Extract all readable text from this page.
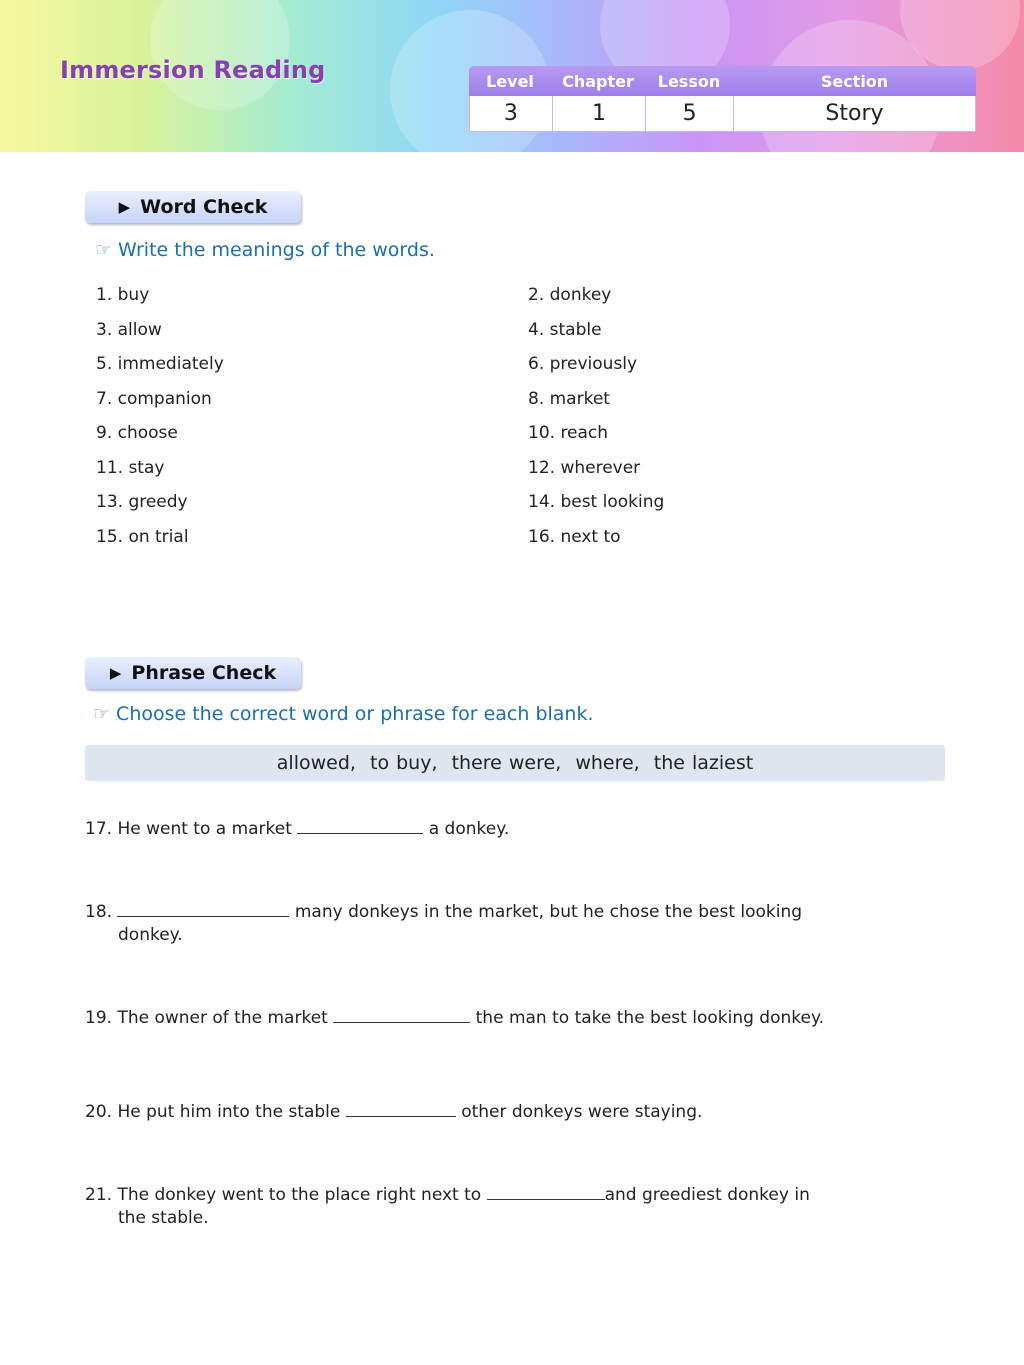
Immersion Reading	Level	Chapter	Lesson	Section
3	1	5	Story
▶ Word Check
☞ Write the meanings of the words.
1. buy	2. donkey
3. allow	4. stable
5. immediately	6. previously
7. companion	8. market
9. choose	10. reach
11. stay	12. wherever
13. greedy	14. best looking
15. on trial	16. next to
▶ Phrase Check
☞ Choose the correct word or phrase for each blank.
allowed,  to buy,  there were,  where,  the laziest
17. He went to a market	a donkey.
18.	many donkeys in the market, but he chose the best looking
donkey.
19. The owner of the market	the man to take the best looking donkey.
20. He put him into the stable	other donkeys were staying.
21. The donkey went to the place right next to	and greediest donkey in
the stable.
